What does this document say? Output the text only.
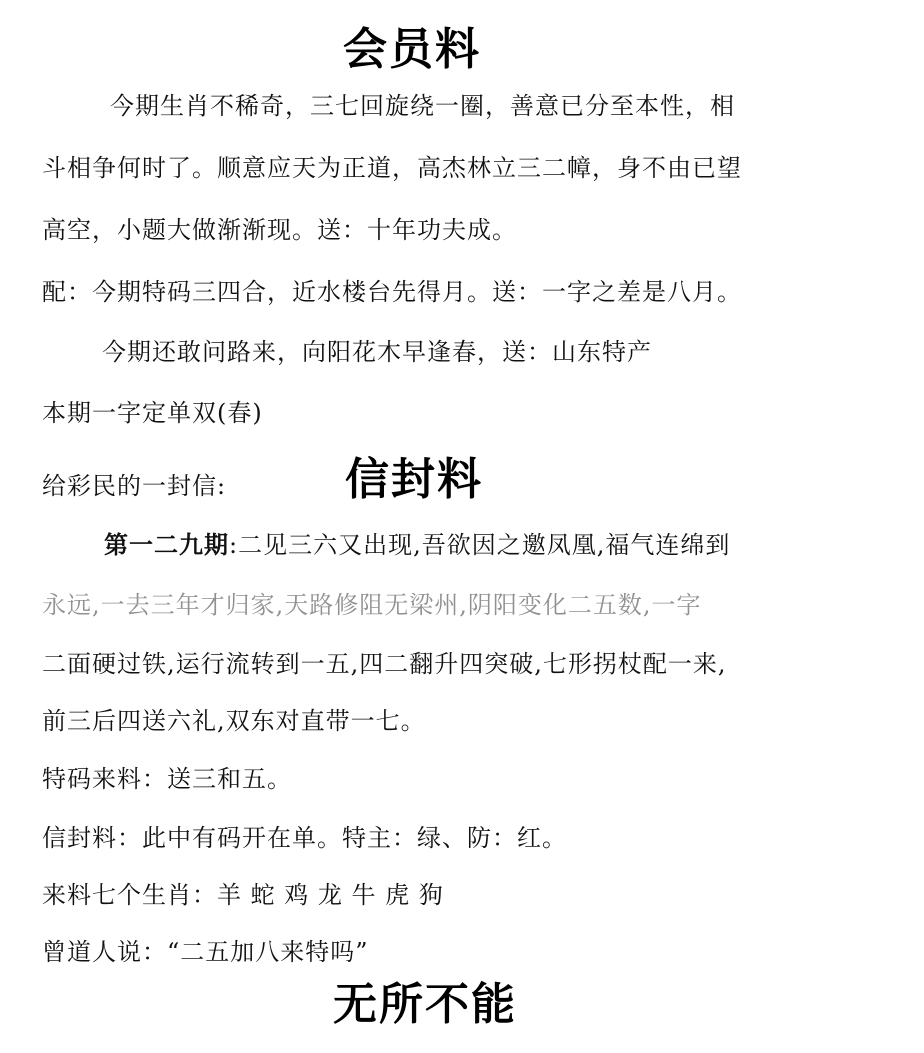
会员料
今期生肖不稀奇，三七回旋绕一圈，善意已分至本性，相
斗相争何时了。顺意应天为正道，高杰林立三二幛，身不由已望
高空，小题大做渐渐现。送：十年功夫成。
配：今期特码三四合，近水楼台先得月。送：一字之差是八月。
今期还敢问路来，向阳花木早逢春，送：山东特产
本期一字定单双(春)
给彩民的一封信:	信封料
第一二九期:二见三六又出现,吾欲因之邀凤凰,福气连绵到
永远,一去三年才归家,天路修阻无梁州,阴阳变化二五数,一字
二面硬过铁,运行流转到一五,四二翻升四突破,七形拐杖配一来,
前三后四送六礼,双东对直带一七。
特码来料：送三和五。
信封料：此中有码开在单。特主：绿、防：红。
来料七个生肖：羊 蛇 鸡 龙 牛 虎 狗
曾道人说：“二五加八来特吗”
无所不能
